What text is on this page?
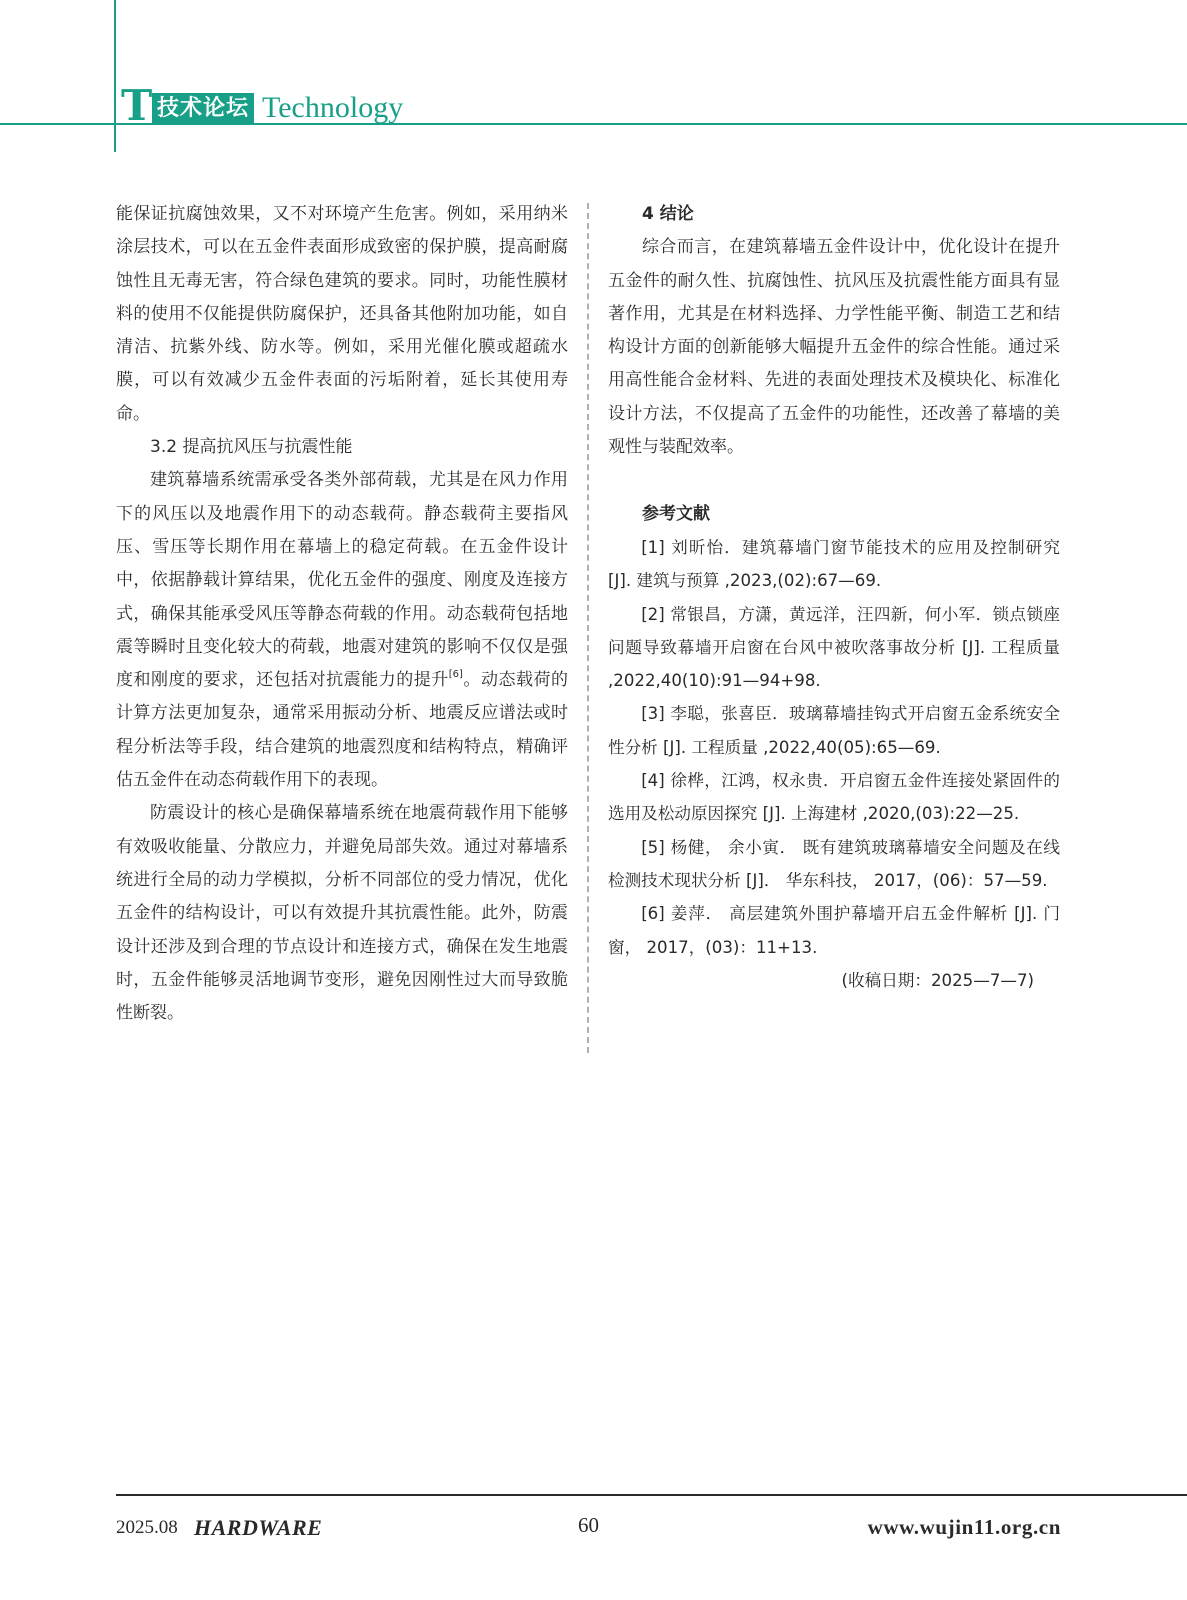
T 技术论坛 Technology

能保证抗腐蚀效果，又不对环境产生危害。例如，采用纳米涂层技术，可以在五金件表面形成致密的保护膜，提高耐腐蚀性且无毒无害，符合绿色建筑的要求。同时，功能性膜材料的使用不仅能提供防腐保护，还具备其他附加功能，如自清洁、抗紫外线、防水等。例如，采用光催化膜或超疏水膜，可以有效减少五金件表面的污垢附着，延长其使用寿命。

3.2 提高抗风压与抗震性能

建筑幕墙系统需承受各类外部荷载，尤其是在风力作用下的风压以及地震作用下的动态载荷。静态载荷主要指风压、雪压等长期作用在幕墙上的稳定荷载。在五金件设计中，依据静载计算结果，优化五金件的强度、刚度及连接方式，确保其能承受风压等静态荷载的作用。动态载荷包括地震等瞬时且变化较大的荷载，地震对建筑的影响不仅仅是强度和刚度的要求，还包括对抗震能力的提升[6]。动态载荷的计算方法更加复杂，通常采用振动分析、地震反应谱法或时程分析法等手段，结合建筑的地震烈度和结构特点，精确评估五金件在动态荷载作用下的表现。

防震设计的核心是确保幕墙系统在地震荷载作用下能够有效吸收能量、分散应力，并避免局部失效。通过对幕墙系统进行全局的动力学模拟，分析不同部位的受力情况，优化五金件的结构设计，可以有效提升其抗震性能。此外，防震设计还涉及到合理的节点设计和连接方式，确保在发生地震时，五金件能够灵活地调节变形，避免因刚性过大而导致脆性断裂。

4 结论

综合而言，在建筑幕墙五金件设计中，优化设计在提升五金件的耐久性、抗腐蚀性、抗风压及抗震性能方面具有显著作用，尤其是在材料选择、力学性能平衡、制造工艺和结构设计方面的创新能够大幅提升五金件的综合性能。通过采用高性能合金材料、先进的表面处理技术及模块化、标准化设计方法，不仅提高了五金件的功能性，还改善了幕墙的美观性与装配效率。

参考文献

[1] 刘昕怡．建筑幕墙门窗节能技术的应用及控制研究 [J]. 建筑与预算 ,2023,(02):67—69.

[2] 常银昌，方潇，黄远洋，汪四新，何小军．锁点锁座问题导致幕墙开启窗在台风中被吹落事故分析 [J]. 工程质量 ,2022,40(10):91—94+98.

[3] 李聪，张喜臣．玻璃幕墙挂钩式开启窗五金系统安全性分析 [J]. 工程质量 ,2022,40(05):65—69.

[4] 徐桦，江鸿，权永贵．开启窗五金件连接处紧固件的选用及松动原因探究 [J]. 上海建材 ,2020,(03):22—25.

[5] 杨健， 余小寅． 既有建筑玻璃幕墙安全问题及在线检测技术现状分析 [J]． 华东科技， 2017，(06)：57—59.

[6] 姜萍． 高层建筑外围护幕墙开启五金件解析 [J]. 门窗， 2017，(03)：11+13.

(收稿日期：2025—7—7)

2025.08 HARDWARE	60	www.wujin11.org.cn
